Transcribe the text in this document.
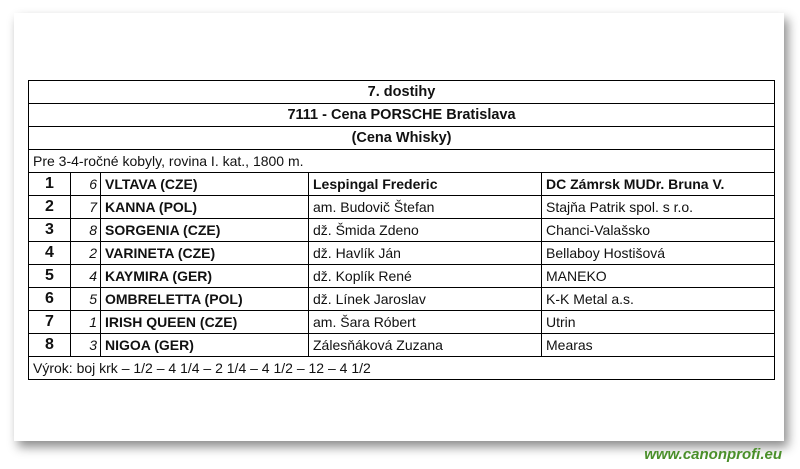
7. dostihy				
7111 - Cena PORSCHE Bratislava				
(Cena Whisky)				
Pre 3-4-ročné kobyly, rovina I. kat., 1800 m.				
1	6	VLTAVA (CZE)	Lespingal Frederic	DC Zámrsk MUDr. Bruna V.
2	7	KANNA (POL)	am. Budovič Štefan	Stajňa Patrik spol. s r.o.
3	8	SORGENIA (CZE)	dž. Šmida Zdeno	Chanci-Valašsko
4	2	VARINETA (CZE)	dž. Havlík Ján	Bellaboy Hostišová
5	4	KAYMIRA (GER)	dž. Koplík René	MANEKO
6	5	OMBRELETTA (POL)	dž. Línek Jaroslav	K-K Metal a.s.
7	1	IRISH QUEEN (CZE)	am. Šara Róbert	Utrin
8	3	NIGOA (GER)	Zálesňáková Zuzana	Mearas
Výrok: boj krk – 1/2 – 4 1/4 – 2 1/4 – 4 1/2 – 12 – 4 1/2				
www.canonprofi.eu
